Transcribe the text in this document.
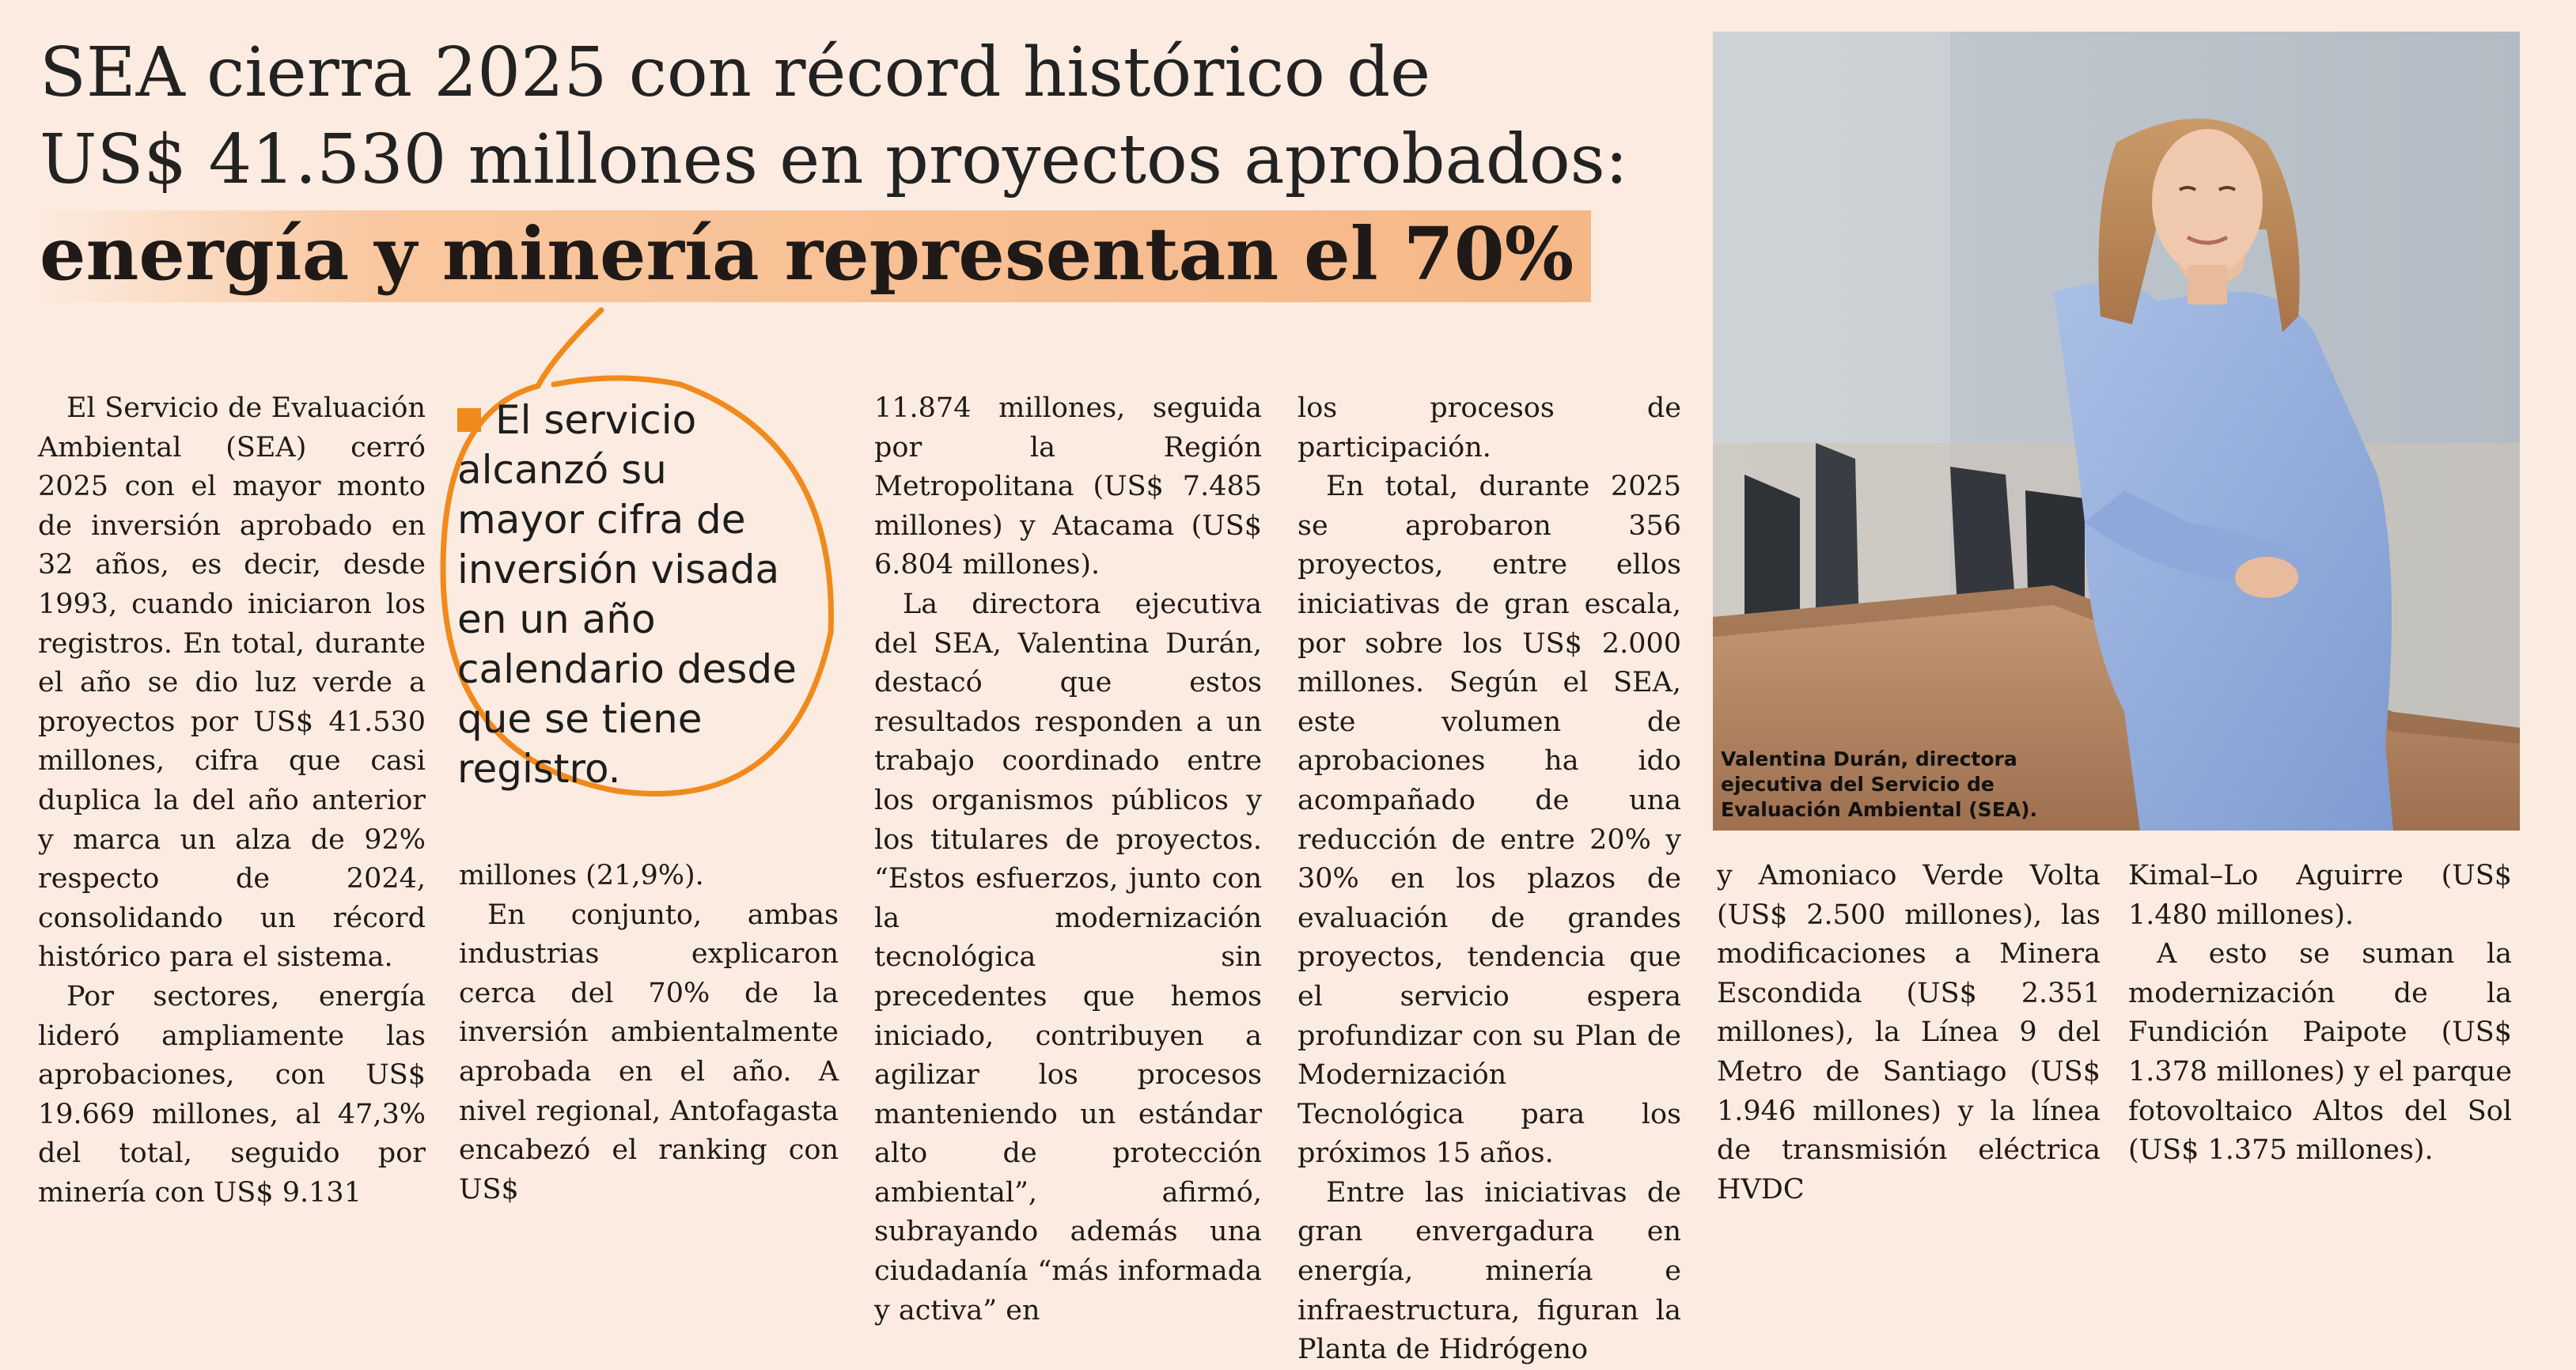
SEA cierra 2025 con récord histórico de
US$ 41.530 millones en proyectos aprobados:
energía y minería representan el 70%
Valentina Durán, directora ejecutiva del Servicio de Evaluación Ambiental (SEA).
El servicio alcanzó su mayor cifra de inversión visada en un año calendario desde que se tiene registro.

El Servicio de Evaluación Ambiental (SEA) cerró 2025 con el mayor monto de inversión aprobado en 32 años, es decir, desde 1993, cuando iniciaron los registros. En total, durante el año se dio luz verde a proyectos por US$ 41.530 millones, cifra que casi duplica la del año anterior y marca un alza de 92% respecto de 2024, consolidando un récord histórico para el sistema.

Por sectores, energía lideró ampliamente las aprobaciones, con US$ 19.669 millones, al 47,3% del total, seguido por minería con US$ 9.131

millones (21,9%).

En conjunto, ambas industrias explicaron cerca del 70% de la inversión ambientalmente aprobada en el año. A nivel regional, Antofagasta encabezó el ranking con US$

11.874 millones, seguida por la Región Metropolitana (US$ 7.485 millones) y Atacama (US$ 6.804 millones).

La directora ejecutiva del SEA, Valentina Durán, destacó que estos resultados responden a un trabajo coordinado entre los organismos públicos y los titulares de proyectos. “Estos esfuerzos, junto con la modernización tecnológica sin precedentes que hemos iniciado, contribuyen a agilizar los procesos manteniendo un estándar alto de protección ambiental”, afirmó, subrayando además una ciudadanía “más informada y activa” en

los procesos de participación.

En total, durante 2025 se aprobaron 356 proyectos, entre ellos iniciativas de gran escala, por sobre los US$ 2.000 millones. Según el SEA, este volumen de aprobaciones ha ido acompañado de una reducción de entre 20% y 30% en los plazos de evaluación de grandes proyectos, tendencia que el servicio espera profundizar con su Plan de Modernización Tecnológica para los próximos 15 años.

Entre las iniciativas de gran envergadura en energía, minería e infraestructura, figuran la Planta de Hidrógeno

y Amoniaco Verde Volta (US$ 2.500 millones), las modificaciones a Minera Escondida (US$ 2.351 millones), la Línea 9 del Metro de Santiago (US$ 1.946 millones) y la línea de transmisión eléctrica HVDC

Kimal–Lo Aguirre (US$ 1.480 millones).

A esto se suman la modernización de la Fundición Paipote (US$ 1.378 millones) y el parque fotovoltaico Altos del Sol (US$ 1.375 millones).
